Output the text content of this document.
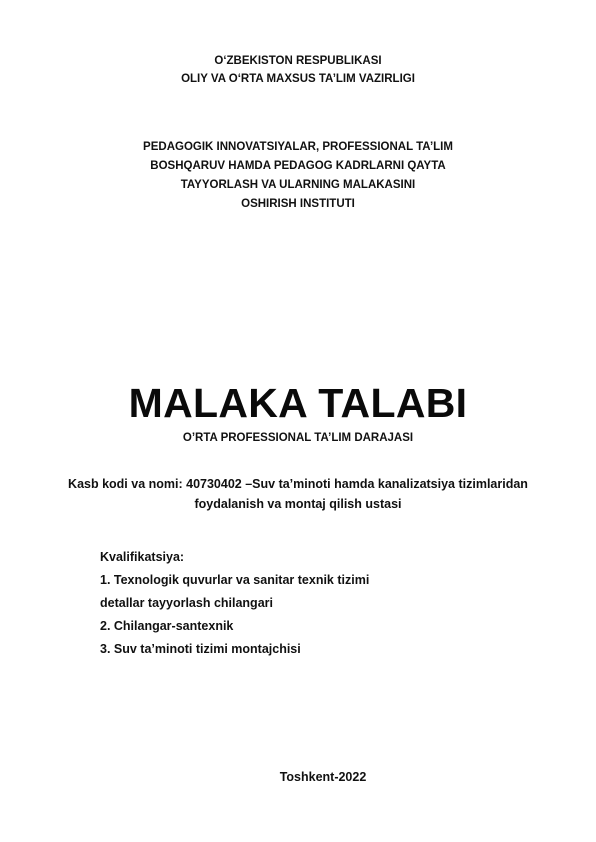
O‘ZBEKISTON RESPUBLIKASI
OLIY VA O‘RTA MAXSUS TA’LIM VAZIRLIGI
PEDAGOGIK INNOVATSIYALAR, PROFESSIONAL TA’LIM
BOSHQARUV HAMDA PEDAGOG KADRLARNI QAYTA
TAYYORLASH VA ULARNING MALAKASINI
OSHIRISH INSTITUTI
MALAKA TALABI
O’RTA PROFESSIONAL TA’LIM DARAJASI
Kasb kodi va nomi: 40730402 –Suv ta’minoti hamda kanalizatsiya tizimlaridan
foydalanish va montaj qilish ustasi
Kvalifikatsiya:
1. Texnologik quvurlar va sanitar texnik tizimi
detallar tayyorlash chilangari
2. Chilangar-santexnik
3. Suv ta’minoti tizimi montajchisi
Toshkent-2022
